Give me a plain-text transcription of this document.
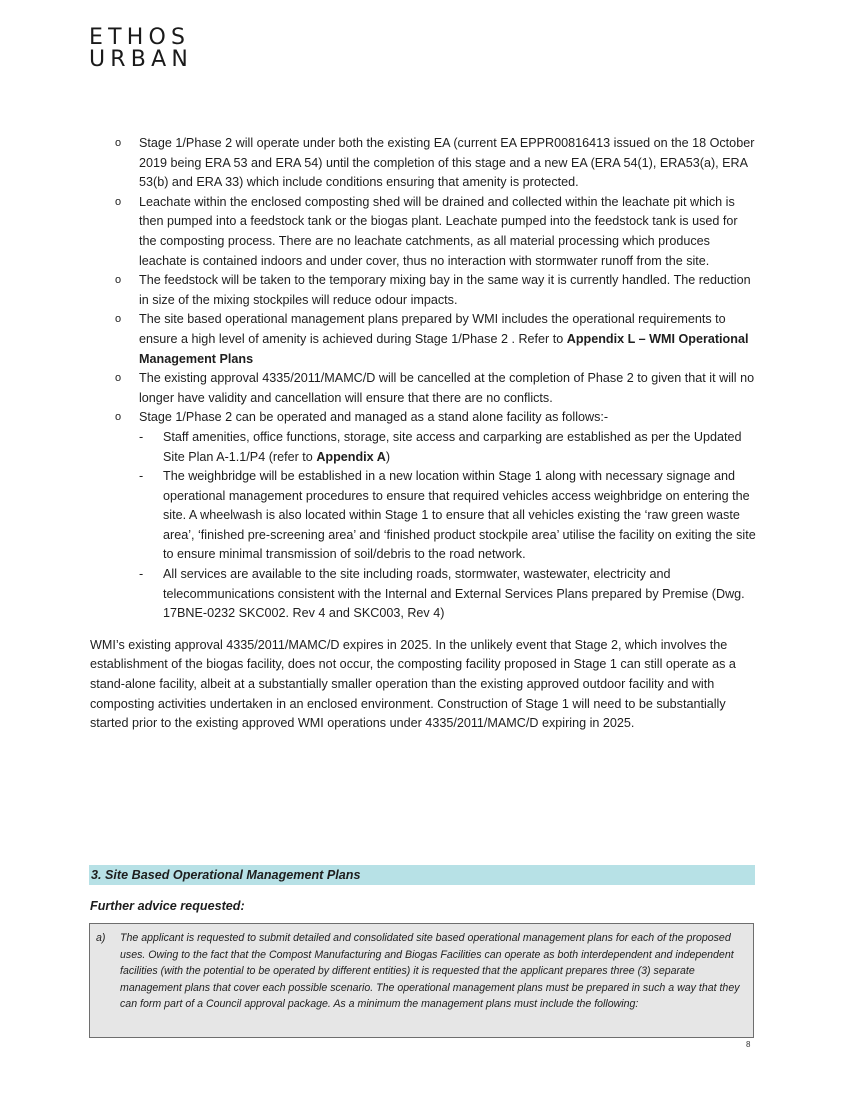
ETHOS
URBAN
o Stage 1/Phase 2 will operate under both the existing EA (current EA EPPR00816413 issued on the 18 October 2019 being ERA 53 and ERA 54) until the completion of this stage and a new EA (ERA 54(1), ERA53(a), ERA 53(b) and ERA 33) which include conditions ensuring that amenity is protected.
o Leachate within the enclosed composting shed will be drained and collected within the leachate pit which is then pumped into a feedstock tank or the biogas plant. Leachate pumped into the feedstock tank is used for the composting process. There are no leachate catchments, as all material processing which produces leachate is contained indoors and under cover, thus no interaction with stormwater runoff from the site.
o The feedstock will be taken to the temporary mixing bay in the same way it is currently handled. The reduction in size of the mixing stockpiles will reduce odour impacts.
o The site based operational management plans prepared by WMI includes the operational requirements to ensure a high level of amenity is achieved during Stage 1/Phase 2 . Refer to Appendix L – WMI Operational Management Plans
o The existing approval 4335/2011/MAMC/D will be cancelled at the completion of Phase 2 to given that it will no longer have validity and cancellation will ensure that there are no conflicts.
o Stage 1/Phase 2 can be operated and managed as a stand alone facility as follows:-
- Staff amenities, office functions, storage, site access and carparking are established as per the Updated Site Plan A-1.1/P4 (refer to Appendix A)
- The weighbridge will be established in a new location within Stage 1 along with necessary signage and operational management procedures to ensure that required vehicles access weighbridge on entering the site. A wheelwash is also located within Stage 1 to ensure that all vehicles existing the ‘raw green waste area’, ‘finished pre-screening area’ and ‘finished product stockpile area’ utilise the facility on exiting the site to ensure minimal transmission of soil/debris to the road network.
- All services are available to the site including roads, stormwater, wastewater, electricity and telecommunications consistent with the Internal and External Services Plans prepared by Premise (Dwg. 17BNE-0232 SKC002. Rev 4 and SKC003, Rev 4)

WMI’s existing approval 4335/2011/MAMC/D expires in 2025. In the unlikely event that Stage 2, which involves the establishment of the biogas facility, does not occur, the composting facility proposed in Stage 1 can still operate as a stand-alone facility, albeit at a substantially smaller operation than the existing approved outdoor facility and with composting activities undertaken in an enclosed environment. Construction of Stage 1 will need to be substantially started prior to the existing approved WMI operations under 4335/2011/MAMC/D expiring in 2025.

3. Site Based Operational Management Plans
Further advice requested:
a) The applicant is requested to submit detailed and consolidated site based operational management plans for each of the proposed uses. Owing to the fact that the Compost Manufacturing and Biogas Facilities can operate as both interdependent and independent facilities (with the potential to be operated by different entities) it is requested that the applicant prepares three (3) separate management plans that cover each possible scenario. The operational management plans must be prepared in such a way that they can form part of a Council approval package. As a minimum the management plans must include the following:
8
